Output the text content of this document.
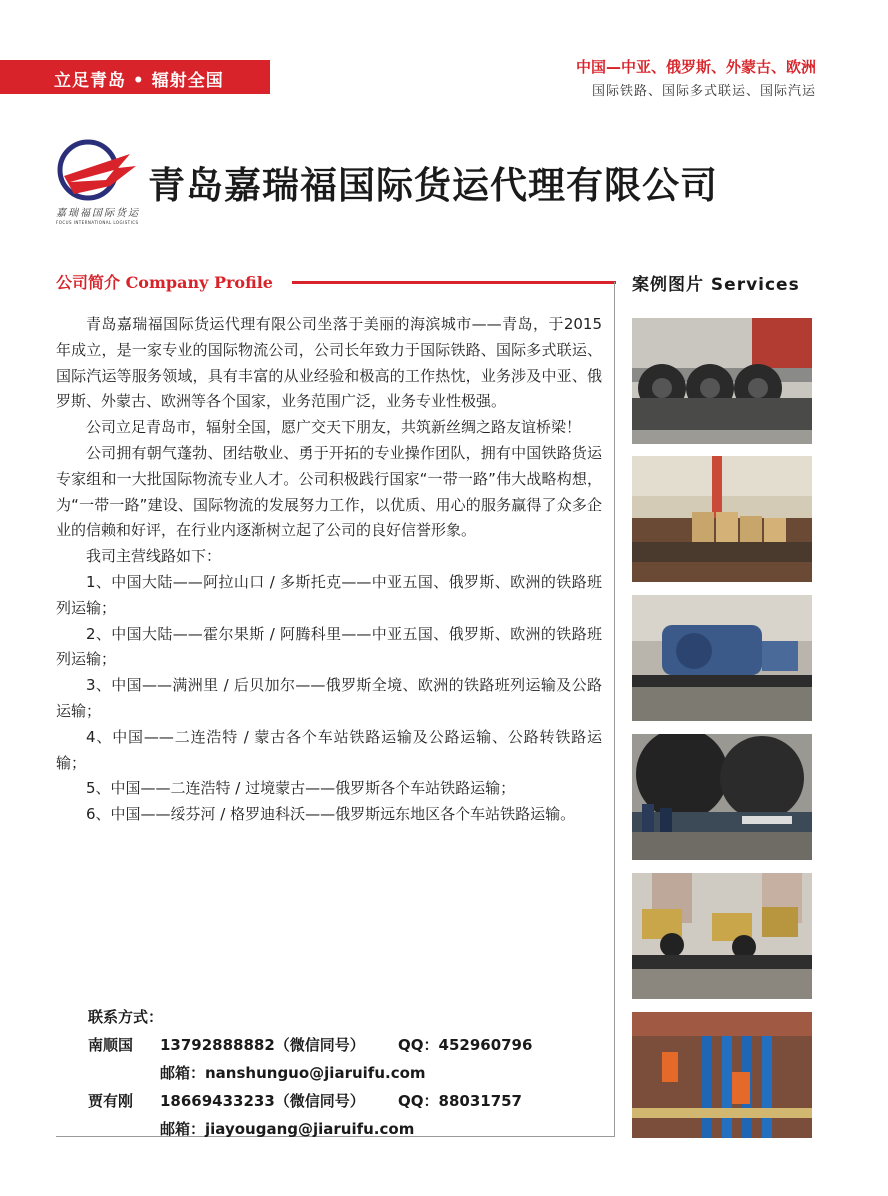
立足青岛 • 辐射全国
中国—中亚、俄罗斯、外蒙古、欧洲
国际铁路、国际多式联运、国际汽运
嘉瑞福国际货运
FOCUS INTERNATIONAL LOGISTICS
青岛嘉瑞福国际货运代理有限公司
公司简介 Company Profile	案例图片 Services

青岛嘉瑞福国际货运代理有限公司坐落于美丽的海滨城市——青岛，于2015年成立，是一家专业的国际物流公司，公司长年致力于国际铁路、国际多式联运、国际汽运等服务领域，具有丰富的从业经验和极高的工作热忱，业务涉及中亚、俄罗斯、外蒙古、欧洲等各个国家，业务范围广泛，业务专业性极强。

公司立足青岛市，辐射全国，愿广交天下朋友，共筑新丝绸之路友谊桥梁！

公司拥有朝气蓬勃、团结敬业、勇于开拓的专业操作团队，拥有中国铁路货运专家组和一大批国际物流专业人才。公司积极践行国家“一带一路”伟大战略构想，为“一带一路”建设、国际物流的发展努力工作，以优质、用心的服务赢得了众多企业的信赖和好评，在行业内逐渐树立起了公司的良好信誉形象。

我司主营线路如下：

1、中国大陆——阿拉山口 / 多斯托克——中亚五国、俄罗斯、欧洲的铁路班列运输；

2、中国大陆——霍尔果斯 / 阿腾科里——中亚五国、俄罗斯、欧洲的铁路班列运输；

3、中国——满洲里 / 后贝加尔——俄罗斯全境、欧洲的铁路班列运输及公路运输；

4、中国——二连浩特 / 蒙古各个车站铁路运输及公路运输、公路转铁路运输；

5、中国——二连浩特 / 过境蒙古——俄罗斯各个车站铁路运输；

6、中国——绥芬河 / 格罗迪科沃——俄罗斯远东地区各个车站铁路运输。

联系方式：
南顺国 13792888882（微信同号） QQ：452960796
邮箱：nanshunguo@jiaruifu.com
贾有刚 18669433233（微信同号） QQ：88031757
邮箱：jiayougang@jiaruifu.com
